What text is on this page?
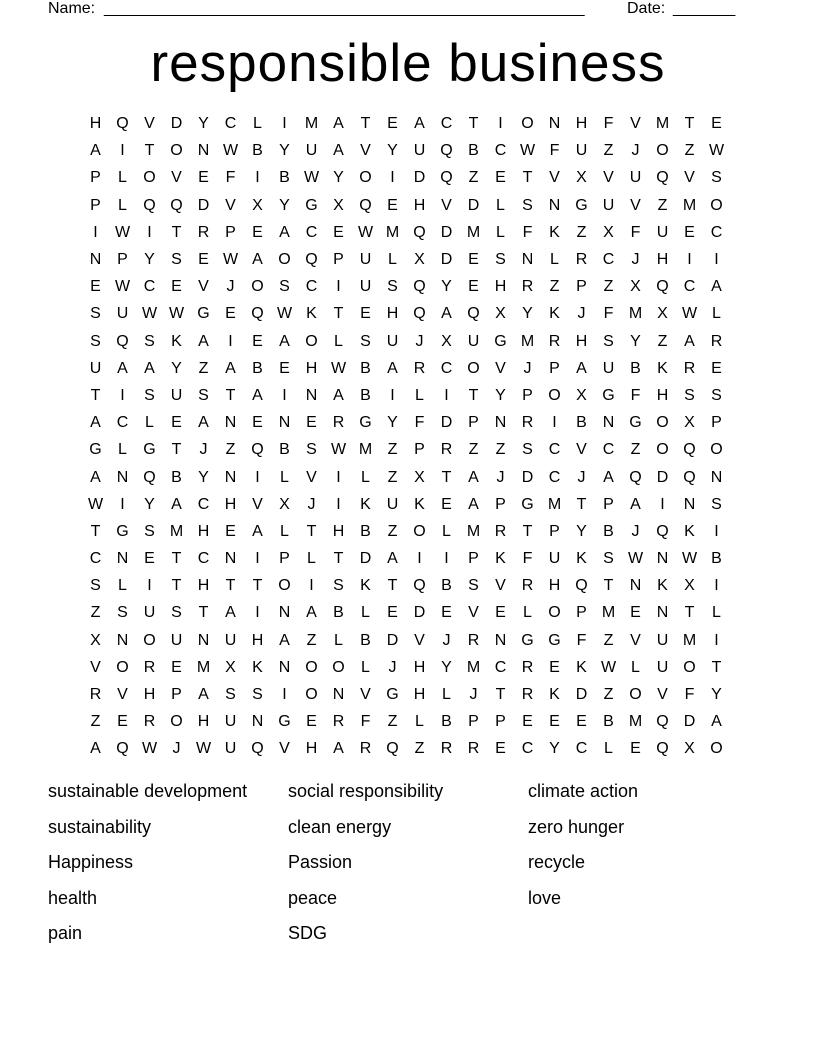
Name: ______________________________________________________	Date: _______
responsible business
H Q V D Y C	L	I	M A	T	E	A C	T	I	O N H	F	V M T	E
A	I	T O N W B	Y U A	V	Y U Q B C W F	U	Z	J	O Z W
P	L	O V	E	F	I	B W Y O	I	D Q Z	E	T	V	X	V U Q V	S
P	L	Q Q D V	X	Y G X Q E H V D	L	S N G U V	Z M O
I	W	I	T	R P	E	A C E W M Q D M L	F	K	Z	X	F	U E C
N P	Y	S	E W A O Q P U	L	X D E	S N	L	R C	J	H	I	I
E W C E	V	J	O S C	I	U S Q Y	E H R	Z	P	Z	X Q C A
S U W W G E Q W K	T	E H Q A Q X	Y	K	J	F M X W L
S Q S	K	A	I	E	A O	L	S U	J	X U G M R H S	Y	Z	A R
U A	A	Y	Z	A	B	E H W B	A R C O V	J	P	A U B	K R E
T	I	S U S	T	A	I	N A	B	I	L	I	T	Y	P O X G F	H S	S
A C	L	E	A N E N E R G Y	F	D P N R	I	B N G O X	P
G	L	G T	J	Z Q B	S W M Z	P R	Z	Z	S C V C	Z O Q O
A N Q B	Y N	I	L	V	I	L	Z	X	T	A	J	D C	J	A Q D Q N
W	I	Y	A C H V	X	J	I	K U K	E	A	P G M T	P	A	I	N S
T G S M H E	A	L	T	H B	Z O	L M R	T	P	Y	B	J	Q K	I
C N E	T	C N	I	P	L	T	D A	I	I	P	K	F	U K	S W N W B
S	L	I	T	H	T	T O	I	S	K	T Q B	S	V R H Q T	N K	X	I
Z	S U S	T	A	I	N A	B	L	E D E	V	E	L	O P M E N	T	L
X N O U N U H A	Z	L	B D V	J	R N G G F	Z	V U M	I
V O R E M X	K N O O	L	J	H Y M C R E	K W L	U O T
R V H P	A	S	S	I	O N V G H	L	J	T	R K D	Z O V	F	Y
Z	E R O H U N G E R	F	Z	L	B	P	P	E	E	E	B M Q D A
A Q W J W U Q V H A R Q Z	R R E C Y C	L	E Q X O
sustainable development	social responsibility	climate action
sustainability	clean energy	zero hunger
Happiness	Passion	recycle
health	peace	love
pain	SDG
